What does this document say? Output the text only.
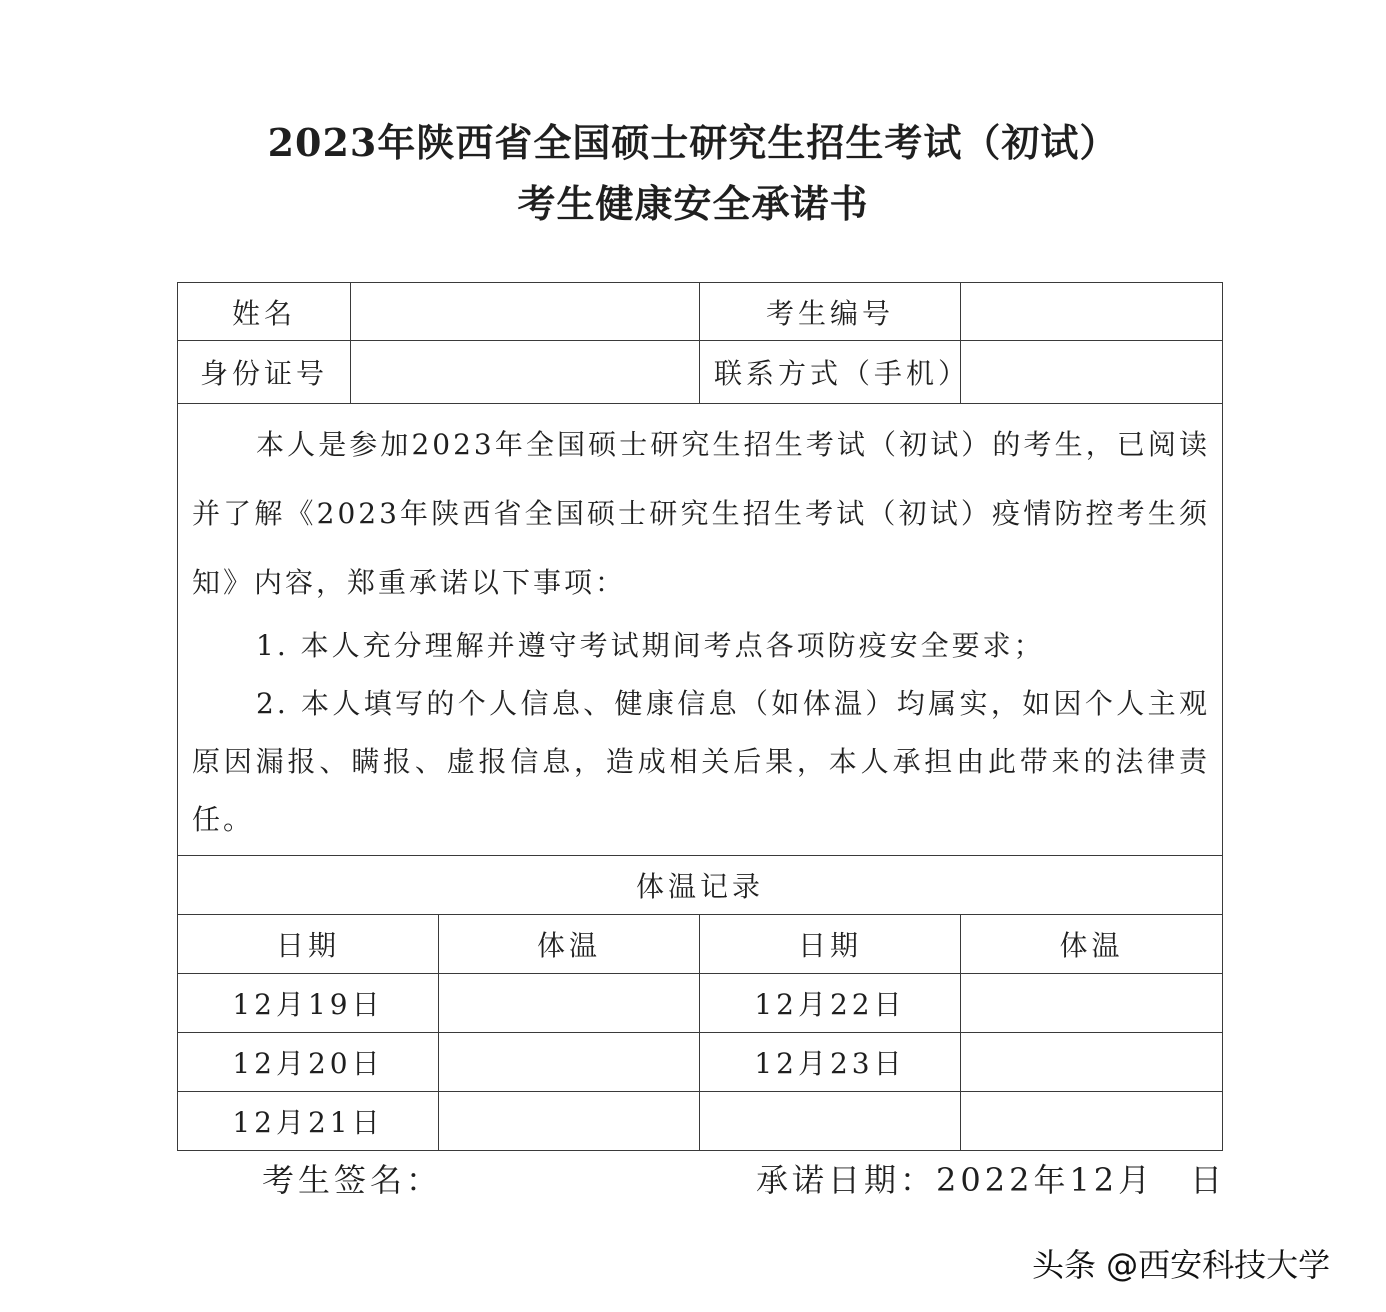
2023年陕西省全国硕士研究生招生考试（初试）
考生健康安全承诺书
姓名			考生编号	
身份证号			联系方式（手机）	

本人是参加2023年全国硕士研究生招生考试（初试）的考生，已阅读并了解《2023年陕西省全国硕士研究生招生考试（初试）疫情防控考生须知》内容，郑重承诺以下事项：

1. 本人充分理解并遵守考试期间考点各项防疫安全要求；

2. 本人填写的个人信息、健康信息（如体温）均属实，如因个人主观原因漏报、瞒报、虚报信息，造成相关后果，本人承担由此带来的法律责任。				

体温记录				
日期		体温	日期	体温
12月19日			12月22日	
12月20日			12月23日	
12月21日				

考生签名：	承诺日期：2022年12月　日

头条 @西安科技大学
